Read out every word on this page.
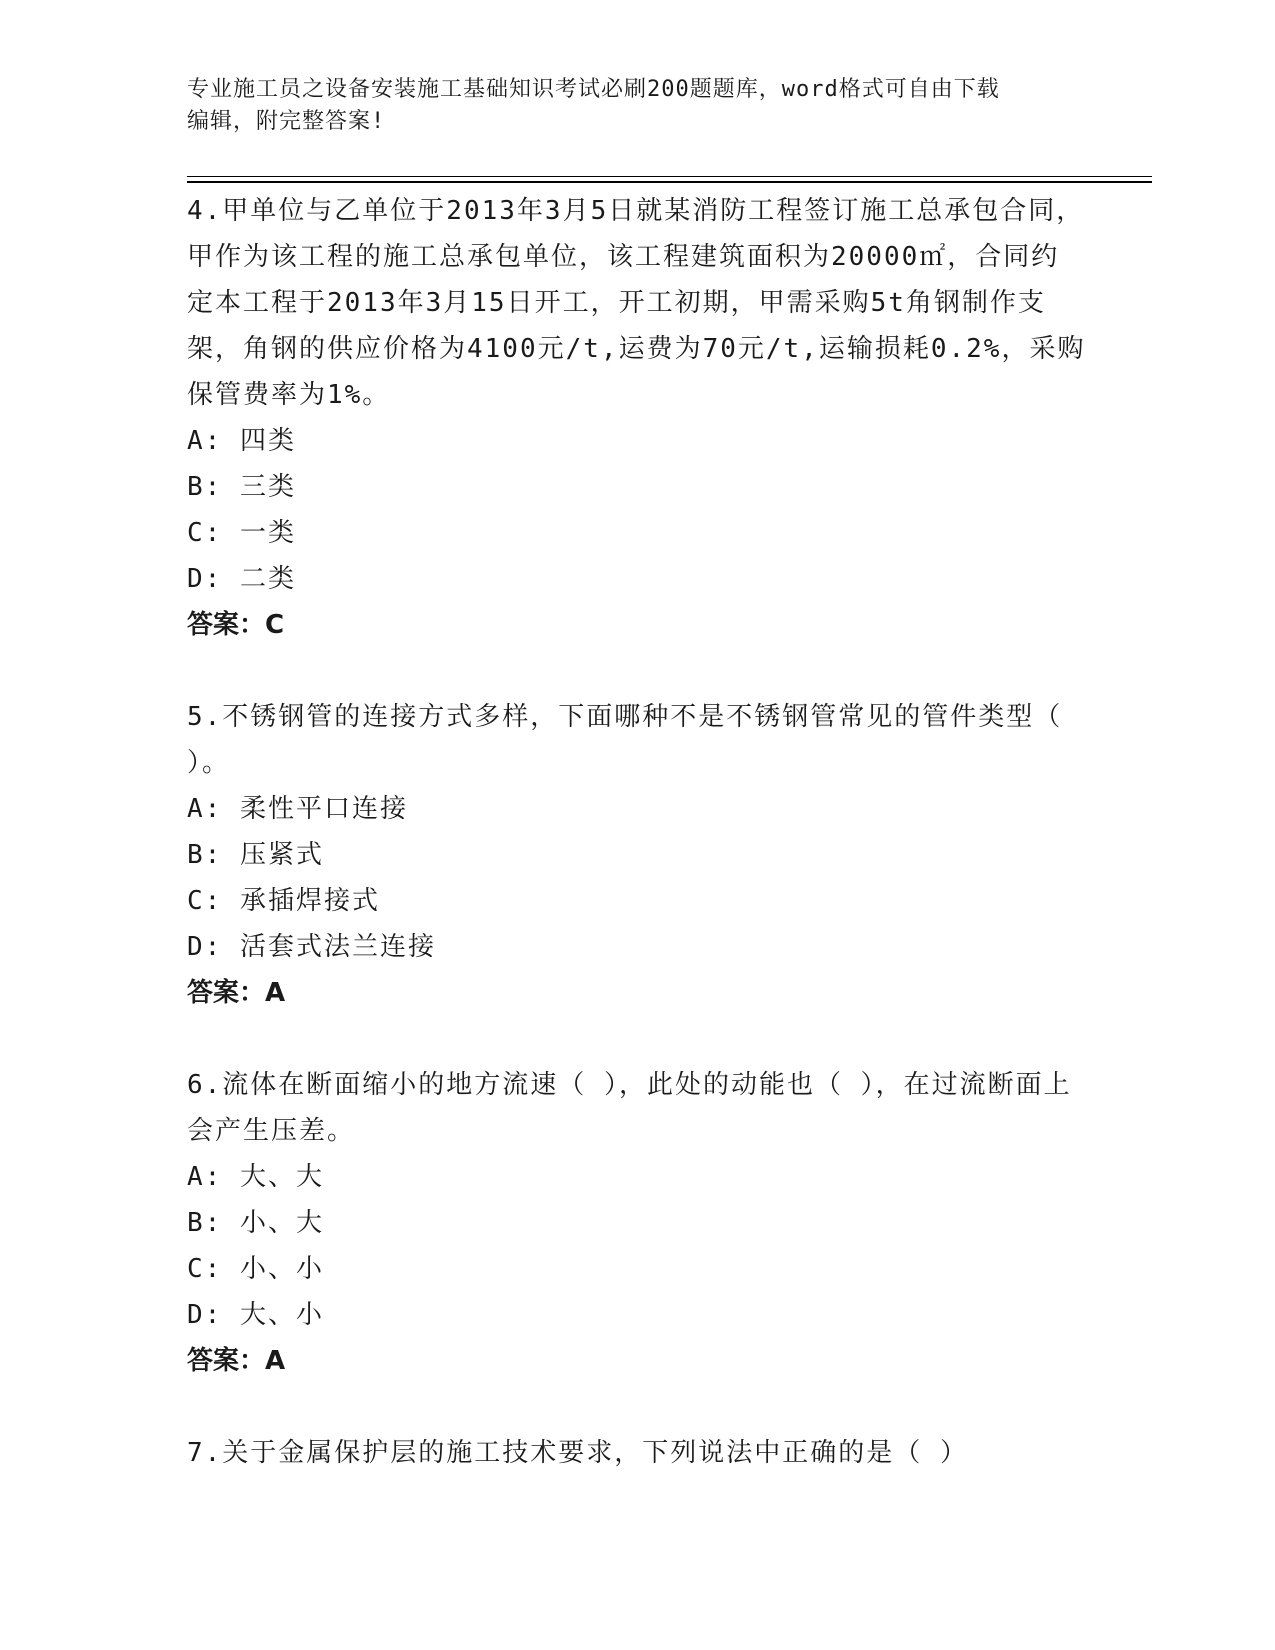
专业施工员之设备安装施工基础知识考试必刷200题题库，word格式可自由下载
编辑，附完整答案!

4.甲单位与乙单位于2013年3月5日就某消防工程签订施工总承包合同，甲作为该工程的施工总承包单位，该工程建筑面积为20000㎡，合同约定本工程于2013年3月15日开工，开工初期，甲需采购5t角钢制作支架，角钢的供应价格为4100元/t,运费为70元/t,运输损耗0.2%，采购保管费率为1%。

A: 四类

B: 三类

C: 一类

D: 二类

答案：C

5.不锈钢管的连接方式多样，下面哪种不是不锈钢管常见的管件类型（ ）。

A: 柔性平口连接

B: 压紧式

C: 承插焊接式

D: 活套式法兰连接

答案：A

6.流体在断面缩小的地方流速（ ），此处的动能也（ ），在过流断面上会产生压差。

A: 大、大

B: 小、大

C: 小、小

D: 大、小

答案：A

7.关于金属保护层的施工技术要求，下列说法中正确的是（ ）
